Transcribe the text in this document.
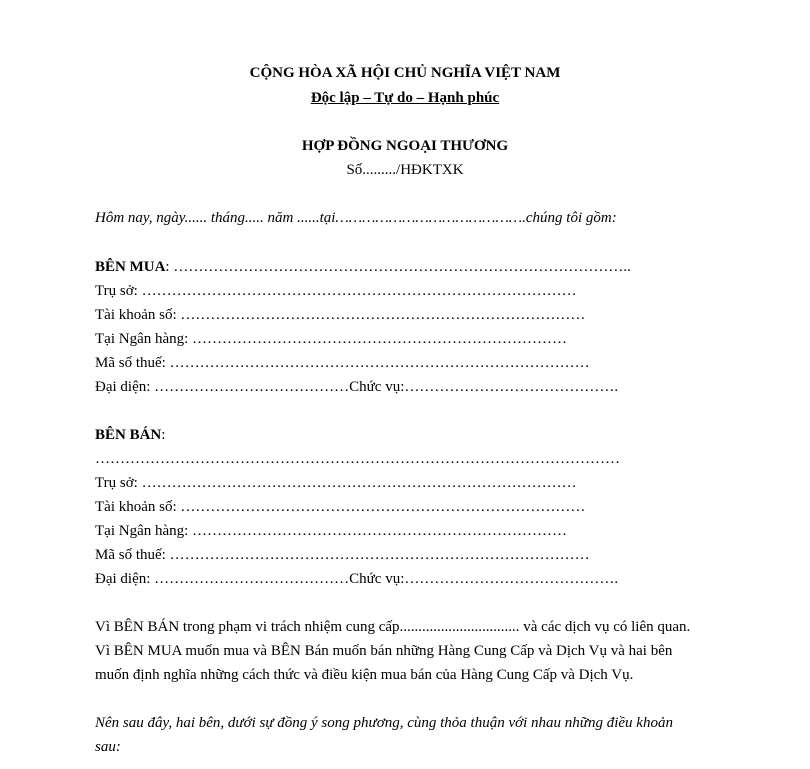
CỘNG HÒA XÃ HỘI CHỦ NGHĨA VIỆT NAM
Độc lập – Tự do – Hạnh phúc
HỢP ĐỒNG NGOẠI THƯƠNG
Số........./HĐKTXK
Hôm nay, ngày...... tháng..... năm ......tại…………………………………….chúng tôi gồm:
BÊN MUA: ………………………………………………………………………………..
Trụ sở: ……………………………………………………………………………
Tài khoản số: ………………………………………………………………………
Tại Ngân hàng: …………………………………………………………………
Mã số thuế: …………………………………………………………………………
Đại diện: …………………………………Chức vụ:…………………………………….
BÊN BÁN:
……………………………………………………………………………………………
Trụ sở: ……………………………………………………………………………
Tài khoản số: ………………………………………………………………………
Tại Ngân hàng: …………………………………………………………………
Mã số thuế: …………………………………………………………………………
Đại diện: …………………………………Chức vụ:…………………………………….
Vì BÊN BÁN trong phạm vi trách nhiệm cung cấp................................ và các dịch vụ có liên quan.
Vì BÊN MUA muốn mua và BÊN Bán muốn bán những Hàng Cung Cấp và Dịch Vụ và hai bên
muốn định nghĩa những cách thức và điều kiện mua bán của Hàng Cung Cấp và Dịch Vụ.
Nên sau đây, hai bên, dưới sự đồng ý song phương, cùng thỏa thuận với nhau những điều khoản
sau:
